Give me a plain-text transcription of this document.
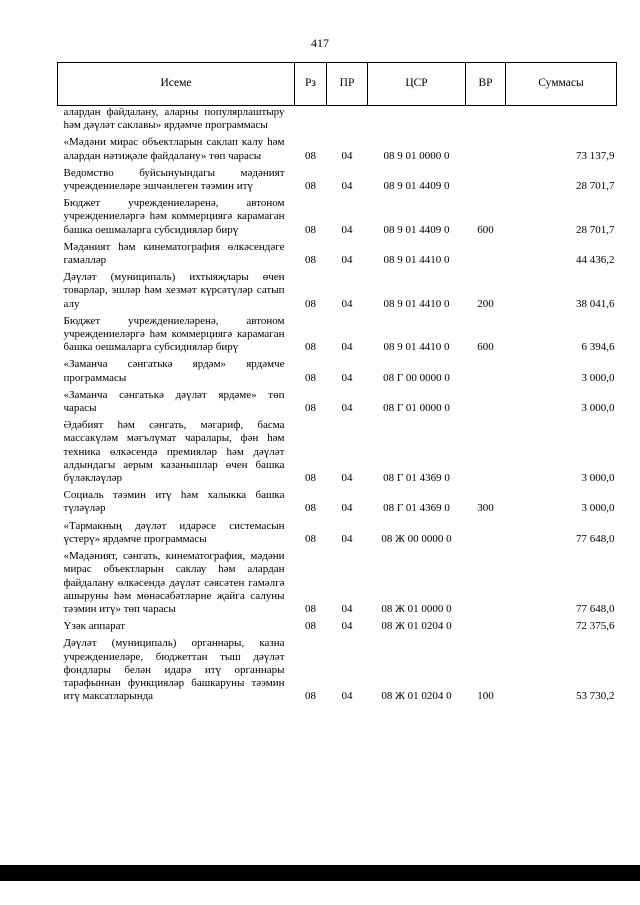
417
Исеме	Рз	ПР	ЦСР	ВР	Суммасы
алардан файдалану, аларны популярлаштыру һәм дәүләт саклавы» ярдәмче программасы					
«Мәдәни мирас объектларын саклап калу һәм алардан нәтиҗәле файдалану» төп чарасы	08	04	08 9 01 0000 0		73 137,9
Ведомство буйсынуындагы мәдәният учреждениеләре эшчәнлеген тәэмин итү	08	04	08 9 01 4409 0		28 701,7
Бюджет учреждениеләренә, автоном учреждениеләргә һәм коммерциягә карамаган башка оешмаларга субсидияләр бирү	08	04	08 9 01 4409 0	600	28 701,7
Мәдәният һәм кинематография өлкәсендәге гамәлләр	08	04	08 9 01 4410 0		44 436,2
Дәүләт (муниципаль) ихтыяҗлары өчен товарлар, эшләр һәм хезмәт күрсәтүләр сатып алу	08	04	08 9 01 4410 0	200	38 041,6
Бюджет учреждениеләренә, автоном учреждениеләргә һәм коммерциягә карамаган башка оешмаларга субсидияләр бирү	08	04	08 9 01 4410 0	600	6 394,6
«Заманча сәнгатькә ярдәм» ярдәмче программасы	08	04	08 Г 00 0000 0		3 000,0
«Заманча сәнгатькә дәүләт ярдәме» төп чарасы	08	04	08 Г 01 0000 0		3 000,0
Әдәбият һәм сәнгать, мәгариф, басма массакүләм мәгълүмат чаралары, фән һәм техника өлкәсендә премияләр һәм дәүләт алдындагы аерым казанышлар өчен башка бүләкләүләр	08	04	08 Г 01 4369 0		3 000,0
Социаль тәэмин итү һәм халыкка башка түләүләр	08	04	08 Г 01 4369 0	300	3 000,0
«Тармакның дәүләт идарәсе системасын үстерү» ярдәмче программасы	08	04	08 Ж 00 0000 0		77 648,0
«Мәдәният, сәнгать, кинематография, мәдәни мирас объектларын саклау һәм алардан файдалану өлкәсендә дәүләт сәясәтен гамәлгә ашыруны һәм мөнәсәбәтләрне җайга салуны тәэмин итү» төп чарасы	08	04	08 Ж 01 0000 0		77 648,0
Үзәк аппарат	08	04	08 Ж 01 0204 0		72 375,6
Дәүләт (муниципаль) органнары, казна учреждениеләре, бюджеттан тыш дәүләт фондлары белән идарә итү органнары тарафыннан функцияләр башкаруны тәэмин итү максатларында	08	04	08 Ж 01 0204 0	100	53 730,2
